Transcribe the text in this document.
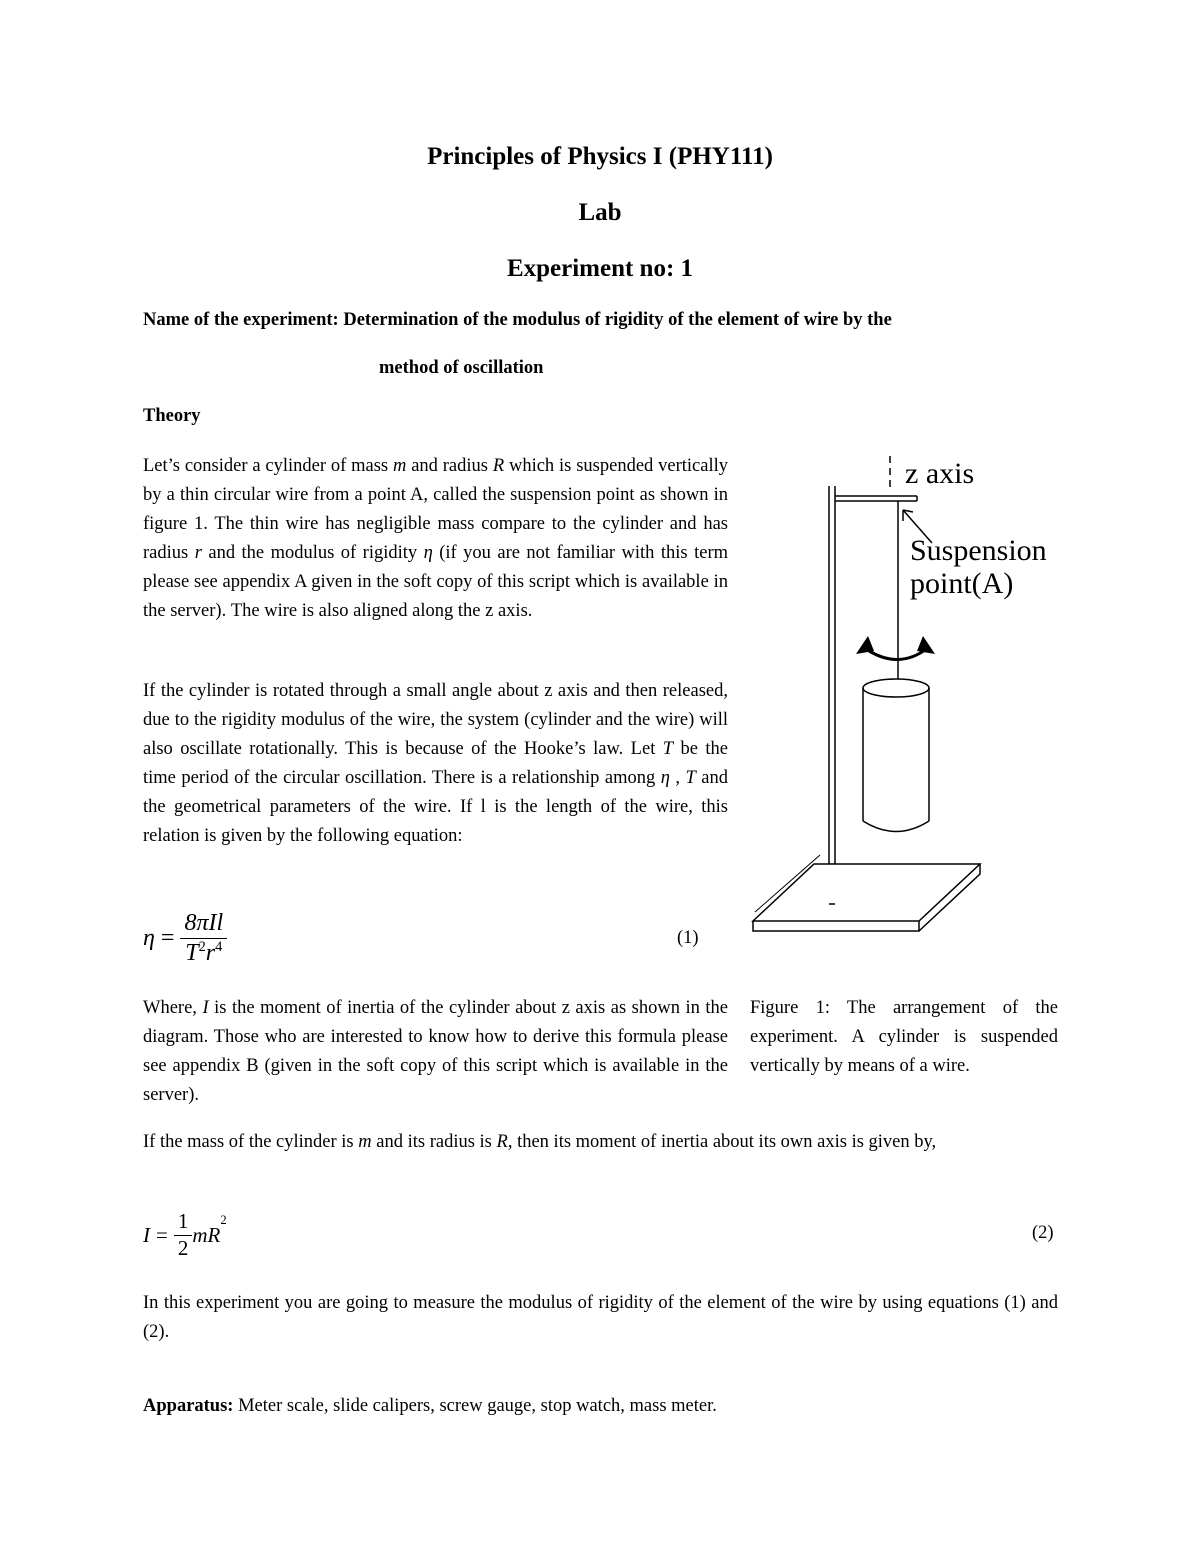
Principles of Physics I (PHY111)
Lab
Experiment no: 1
Name of the experiment: Determination of the modulus of rigidity of the element of wire by the
method of oscillation
Theory
Let’s consider a cylinder of mass m and radius R which is suspended vertically by a thin circular wire from a point A, called the suspension point as shown in figure 1. The thin wire has negligible mass compare to the cylinder and has radius r and the modulus of rigidity η (if you are not familiar with this term please see appendix A given in the soft copy of this script which is available in the server). The wire is also aligned along the z axis.
If the cylinder is rotated through a small angle about z axis and then released, due to the rigidity modulus of the wire, the system (cylinder and the wire) will also oscillate rotationally. This is because of the Hooke’s law. Let T be the time period of the circular oscillation. There is a relationship among η , T and the geometrical parameters of the wire. If l is the length of the wire, this relation is given by the following equation:
$\eta = \frac{\text{8πIl}}{T^2r^4}$	(1)
Where, I is the moment of inertia of the cylinder about z axis as shown in the diagram. Those who are interested to know how to derive this formula please see appendix B (given in the soft copy of this script which is available in the server).
z axis
Suspension
point(A)
Figure 1: The arrangement of the experiment. A cylinder is suspended vertically by means of a wire.
If the mass of the cylinder is m and its radius is R, then its moment of inertia about its own axis is given by,
$I = \frac{1}{2}$ mR
$^2$
(2)
In this experiment you are going to measure the modulus of rigidity of the element of the wire by using equations (1) and (2).
Apparatus: Meter scale, slide calipers, screw gauge, stop watch, mass meter.
